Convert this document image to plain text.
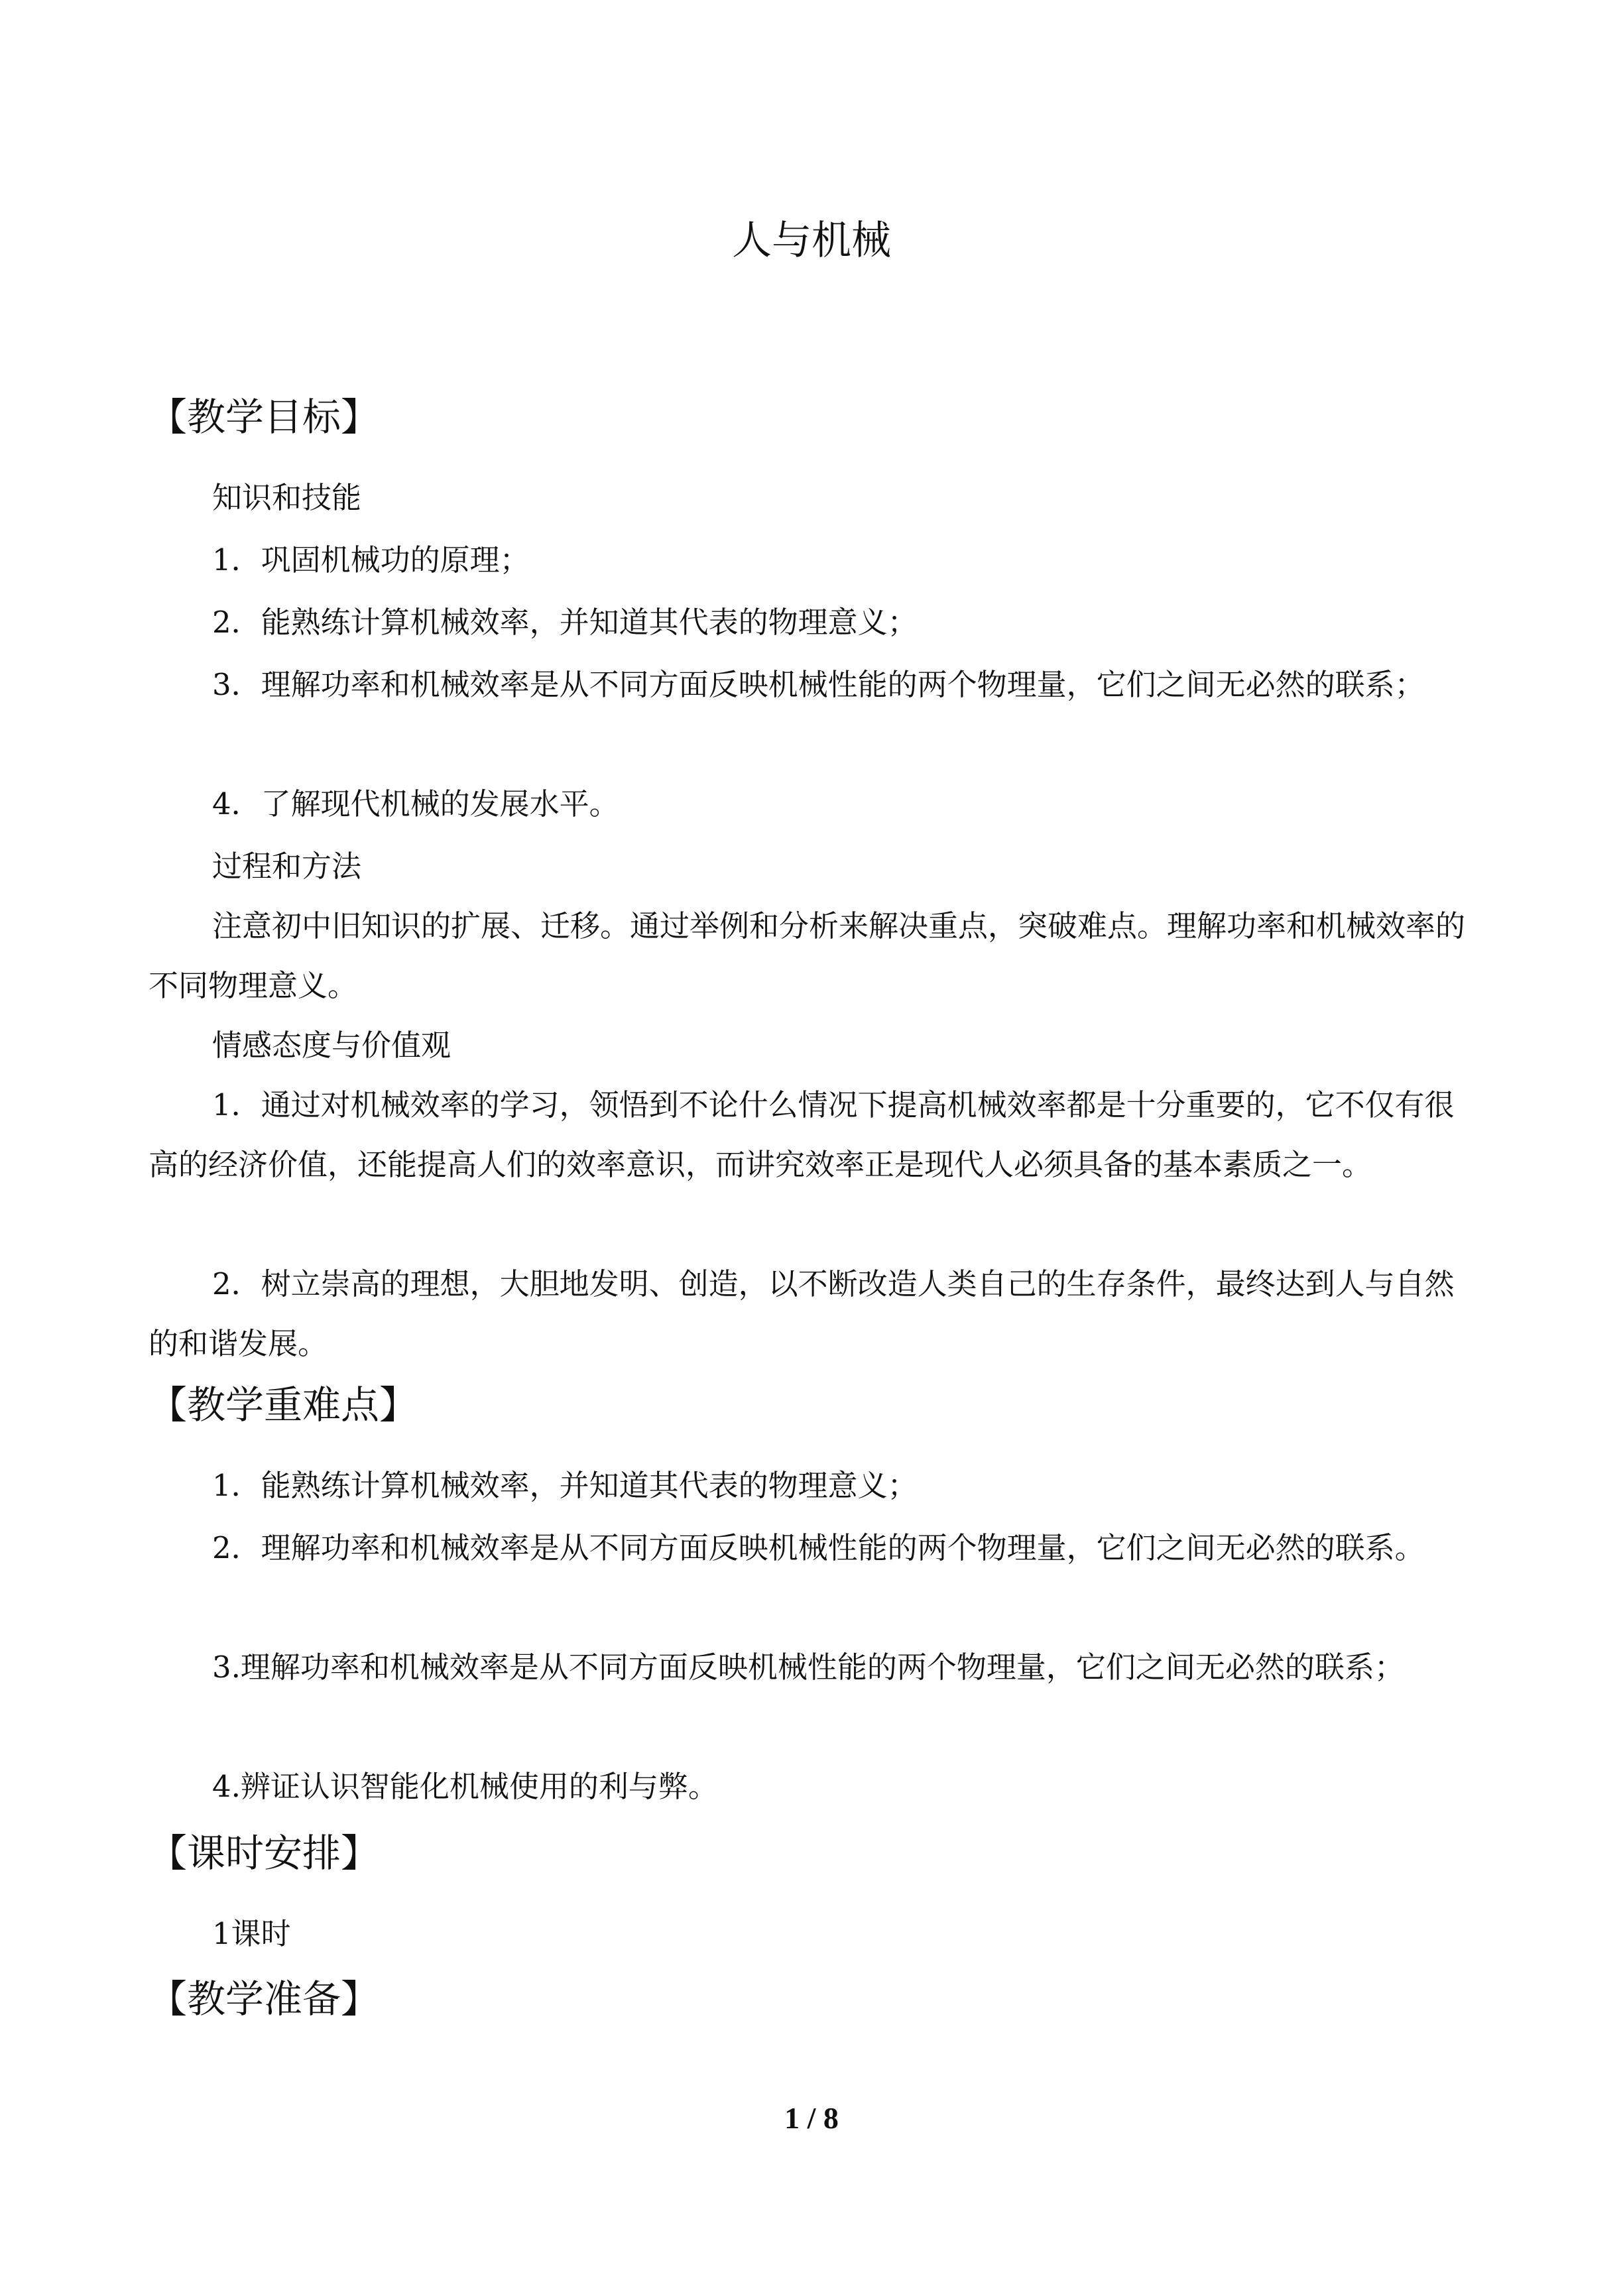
人与机械
【教学目标】

知识和技能

1．巩固机械功的原理；

2．能熟练计算机械效率，并知道其代表的物理意义；

3．理解功率和机械效率是从不同方面反映机械性能的两个物理量，它们之间无必然的联系；

4．了解现代机械的发展水平。

过程和方法

注意初中旧知识的扩展、迁移。通过举例和分析来解决重点，突破难点。理解功率和机械效率的不同物理意义。

情感态度与价值观

1．通过对机械效率的学习，领悟到不论什么情况下提高机械效率都是十分重要的，它不仅有很高的经济价值，还能提高人们的效率意识，而讲究效率正是现代人必须具备的基本素质之一。

2．树立崇高的理想，大胆地发明、创造，以不断改造人类自己的生存条件，最终达到人与自然的和谐发展。

【教学重难点】

1．能熟练计算机械效率，并知道其代表的物理意义；

2．理解功率和机械效率是从不同方面反映机械性能的两个物理量，它们之间无必然的联系。

3.理解功率和机械效率是从不同方面反映机械性能的两个物理量，它们之间无必然的联系；

4.辨证认识智能化机械使用的利与弊。

【课时安排】

1课时

【教学准备】
1 / 8
